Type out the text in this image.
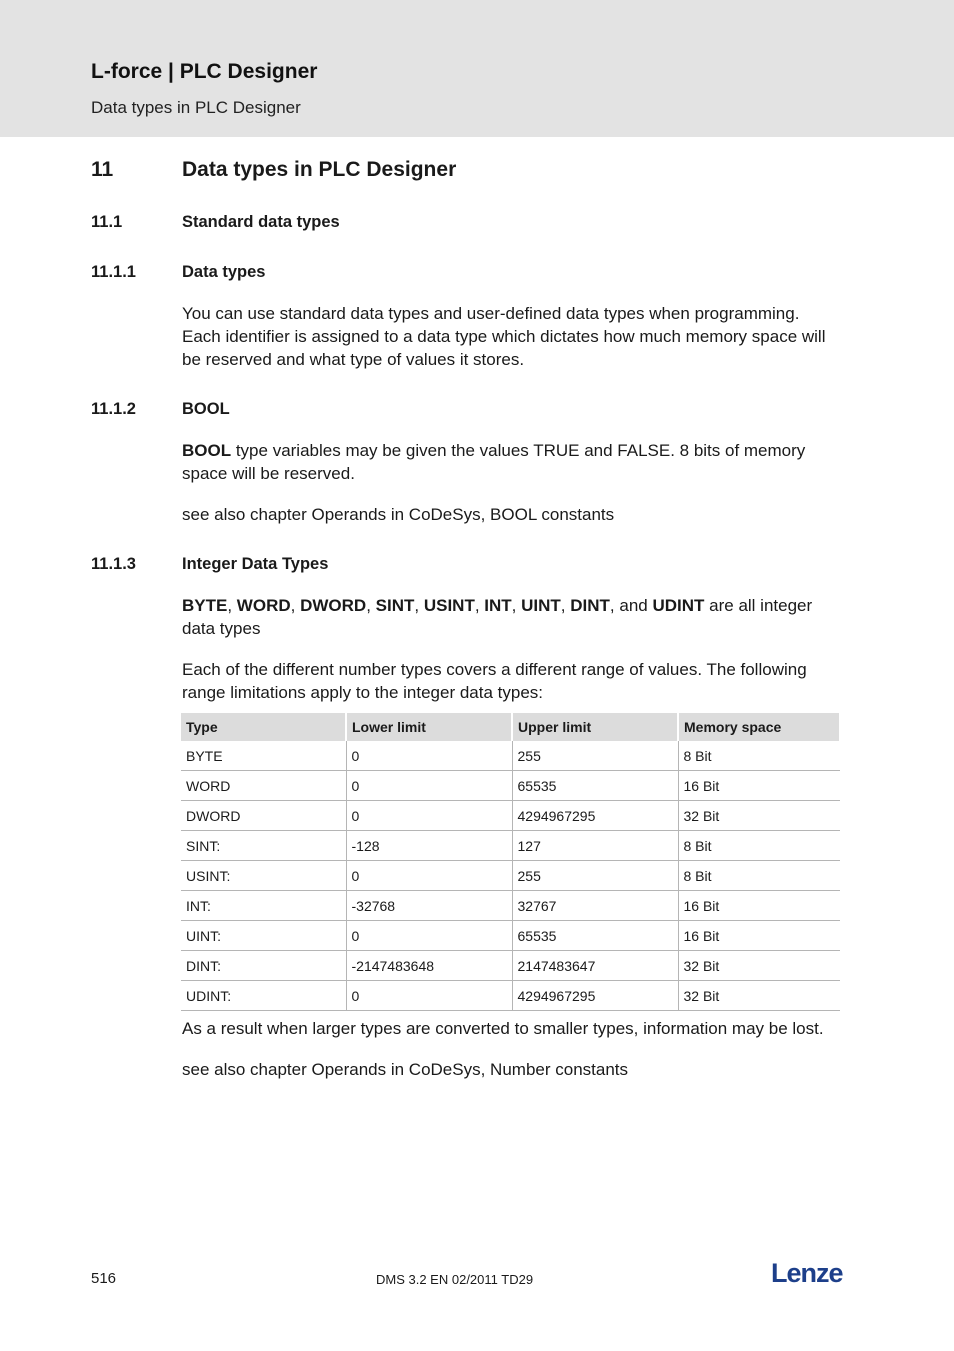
L-force | PLC Designer
Data types in PLC Designer
11	Data types in PLC Designer
11.1	Standard data types
11.1.1	Data types
You can use standard data types and user-defined data types when programming. Each identifier is assigned to a data type which dictates how much memory space will be reserved and what type of values it stores.
11.1.2	BOOL
BOOL type variables may be given the values TRUE and FALSE. 8 bits of memory space will be reserved.
see also chapter Operands in CoDeSys, BOOL constants
11.1.3	Integer Data Types
BYTE, WORD, DWORD, SINT, USINT, INT, UINT, DINT, and UDINT are all integer data types
Each of the different number types covers a different range of values. The following range limitations apply to the integer data types:
Type	Lower limit	Upper limit	Memory space
BYTE	0	255	8 Bit
WORD	0	65535	16 Bit
DWORD	0	4294967295	32 Bit
SINT:	-128	127	8 Bit
USINT:	0	255	8 Bit
INT:	-32768	32767	16 Bit
UINT:	0	65535	16 Bit
DINT:	-2147483648	2147483647	32 Bit
UDINT:	0	4294967295	32 Bit
As a result when larger types are converted to smaller types, information may be lost.
see also chapter Operands in CoDeSys, Number constants
516	DMS 3.2 EN 02/2011 TD29	Lenze
